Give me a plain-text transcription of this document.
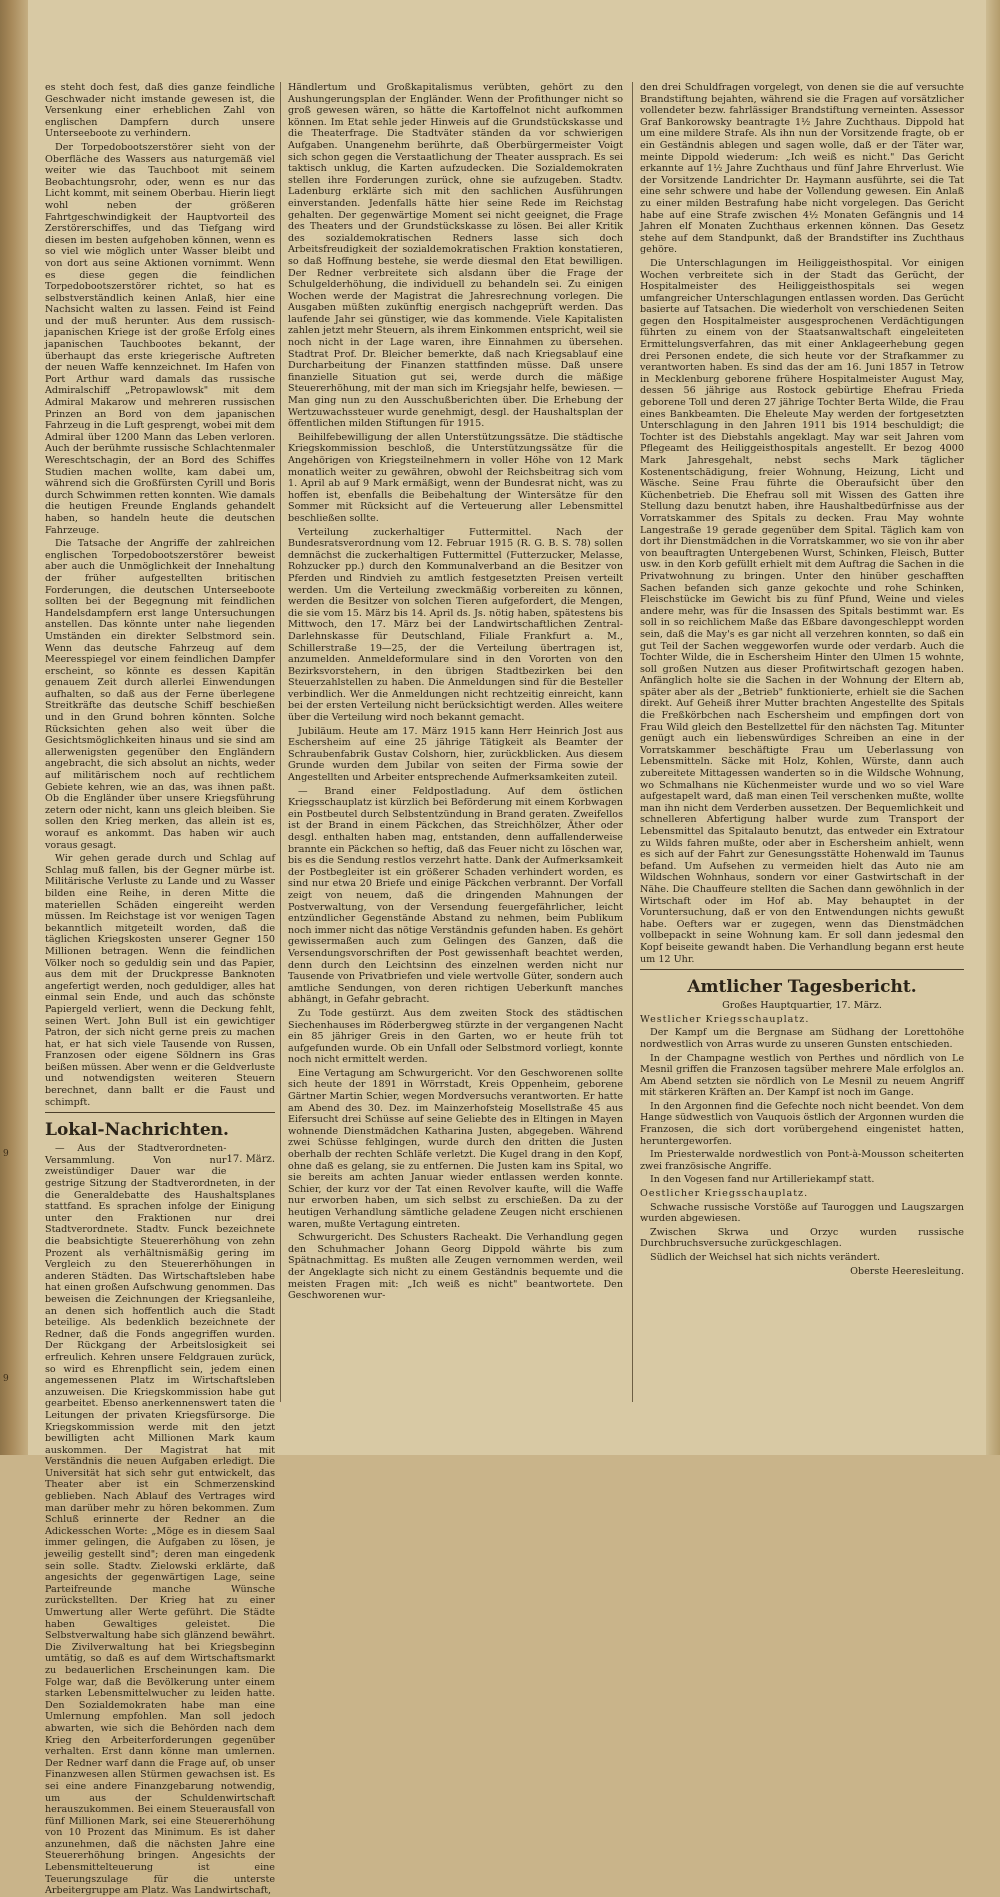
9
9

es steht doch fest, daß dies ganze feindliche Geschwader nicht imstande gewesen ist, die Versenkung einer erheblichen Zahl von englischen Dampfern durch unsere Unterseeboote zu verhindern.

Der Torpedobootszerstörer sieht von der Oberfläche des Wassers aus naturgemäß viel weiter wie das Tauchboot mit seinem Beobachtungsrohr, oder, wenn es nur das Licht kommt, mit seinem Oberbau. Hierin liegt wohl neben der größeren Fahrtgeschwindigkeit der Hauptvorteil des Zerstörerschiffes, und das Tiefgang wird diesen im besten aufgehoben können, wenn es so viel wie möglich unter Wasser bleibt und von dort aus seine Aktionen vornimmt. Wenn es diese gegen die feindlichen Torpedobootszerstörer richtet, so hat es selbstverständlich keinen Anlaß, hier eine Nachsicht walten zu lassen. Feind ist Feind und der muß herunter. Aus dem russisch-japanischen Kriege ist der große Erfolg eines japanischen Tauchbootes bekannt, der überhaupt das erste kriegerische Auftreten der neuen Waffe kennzeichnet. Im Hafen von Port Arthur ward damals das russische Admiralschiff „Petropawlowsk" mit dem Admiral Makarow und mehreren russischen Prinzen an Bord von dem japanischen Fahrzeug in die Luft gesprengt, wobei mit dem Admiral über 1200 Mann das Leben verloren. Auch der berühmte russische Schlachtenmaler Wereschtschagin, der an Bord des Schiffes Studien machen wollte, kam dabei um, während sich die Großfürsten Cyrill und Boris durch Schwimmen retten konnten. Wie damals die heutigen Freunde Englands gehandelt haben, so handeln heute die deutschen Fahrzeuge.

Die Tatsache der Angriffe der zahlreichen englischen Torpedobootszerstörer beweist aber auch die Unmöglichkeit der Innehaltung der früher aufgestellten britischen Forderungen, die deutschen Unterseeboote sollten bei der Begegnung mit feindlichen Handelsdampfern erst lange Untersuchungen anstellen. Das könnte unter nahe liegenden Umständen ein direkter Selbstmord sein. Wenn das deutsche Fahrzeug auf dem Meeresspiegel vor einem feindlichen Dampfer erscheint, so könnte es dessen Kapitän genauem Zeit durch allerlei Einwendungen aufhalten, so daß aus der Ferne überlegene Streitkräfte das deutsche Schiff beschießen und in den Grund bohren könnten. Solche Rücksichten gehen also weit über die Gesichtsmöglichkeiten hinaus und sie sind am allerwenigsten gegenüber den Engländern angebracht, die sich absolut an nichts, weder auf militärischem noch auf rechtlichem Gebiete kehren, wie an das, was ihnen paßt. Ob die Engländer über unsere Kriegsführung zetern oder nicht, kann uns gleich bleiben. Sie sollen den Krieg merken, das allein ist es, worauf es ankommt. Das haben wir auch voraus gesagt.

Wir gehen gerade durch und Schlag auf Schlag muß fallen, bis der Gegner mürbe ist. Militärische Verluste zu Lande und zu Wasser bilden eine Reihe, in deren Mitte die materiellen Schäden eingereiht werden müssen. Im Reichstage ist vor wenigen Tagen bekanntlich mitgeteilt worden, daß die täglichen Kriegskosten unserer Gegner 150 Millionen betragen. Wenn die feindlichen Völker noch so geduldig sein und das Papier, aus dem mit der Druckpresse Banknoten angefertigt werden, noch geduldiger, alles hat einmal sein Ende, und auch das schönste Papiergeld verliert, wenn die Deckung fehlt, seinen Wert. John Bull ist ein gewichtiger Patron, der sich nicht gerne preis zu machen hat, er hat sich viele Tausende von Russen, Franzosen oder eigene Söldnern ins Gras beißen müssen. Aber wenn er die Geldverluste und notwendigsten weiteren Steuern berechnet, dann ballt er die Faust und schimpft.

Lokal-Nachrichten.
17. März.

— Aus der Stadtverordneten-Versammlung. Von nur zweistündiger Dauer war die gestrige Sitzung der Stadtverordneten, in der die Generaldebatte des Haushaltsplanes stattfand. Es sprachen infolge der Einigung unter den Fraktionen nur drei Stadtverordnete. Stadtv. Funck bezeichnete die beabsichtigte Steuererhöhung von zehn Prozent als verhältnismäßig gering im Vergleich zu den Steuererhöhungen in anderen Städten. Das Wirtschaftsleben habe hat einen großen Aufschwung genommen. Das beweisen die Zeichnungen der Kriegsanleihe, an denen sich hoffentlich auch die Stadt beteilige. Als bedenklich bezeichnete der Redner, daß die Fonds angegriffen wurden. Der Rückgang der Arbeitslosigkeit sei erfreulich. Kehren unsere Feldgrauen zurück, so wird es Ehrenpflicht sein, jedem einen angemessenen Platz im Wirtschaftsleben anzuweisen. Die Kriegskommission habe gut gearbeitet. Ebenso anerkennenswert taten die Leitungen der privaten Kriegsfürsorge. Die Kriegskommission werde mit den jetzt bewilligten acht Millionen Mark kaum auskommen. Der Magistrat hat mit Verständnis die neuen Aufgaben erledigt. Die Universität hat sich sehr gut entwickelt, das Theater aber ist ein Schmerzenskind geblieben. Nach Ablauf des Vertrages wird man darüber mehr zu hören bekommen. Zum Schluß erinnerte der Redner an die Adickesschen Worte: „Möge es in diesem Saal immer gelingen, die Aufgaben zu lösen, je jeweilig gestellt sind"; deren man eingedenk sein solle. Stadtv. Zielowski erklärte, daß angesichts der gegenwärtigen Lage, seine Parteifreunde manche Wünsche zurückstellten. Der Krieg hat zu einer Umwertung aller Werte geführt. Die Städte haben Gewaltiges geleistet. Die Selbstverwaltung habe sich glänzend bewährt. Die Zivilverwaltung hat bei Kriegsbeginn umtätig, so daß es auf dem Wirtschaftsmarkt zu bedauerlichen Erscheinungen kam. Die Folge war, daß die Bevölkerung unter einem starken Lebensmittelwucher zu leiden hatte. Den Sozialdemokraten habe man eine Umlernung empfohlen. Man soll jedoch abwarten, wie sich die Behörden nach dem Krieg den Arbeiterforderungen gegenüber verhalten. Erst dann könne man umlernen. Der Redner warf dann die Frage auf, ob unser Finanzwesen allen Stürmen gewachsen ist. Es sei eine andere Finanzgebarung notwendig, um aus der Schuldenwirtschaft herauszukommen. Bei einem Steuerausfall von fünf Millionen Mark, sei eine Steuererhöhung von 10 Prozent das Minimum. Es ist daher anzunehmen, daß die nächsten Jahre eine Steuererhöhung bringen. Angesichts der Lebensmittelteuerung ist eine Teuerungszulage für die unterste Arbeitergruppe am Platz. Was Landwirtschaft,

Händlertum und Großkapitalismus verübten, gehört zu den Aushungerungsplan der Engländer. Wenn der Profithunger nicht so groß gewesen wären, so hätte die Kartoffelnot nicht aufkommen können. Im Etat sehle jeder Hinweis auf die Grundstückskasse und die Theaterfrage. Die Stadtväter ständen da vor schwierigen Aufgaben. Unangenehm berührte, daß Oberbürgermeister Voigt sich schon gegen die Verstaatlichung der Theater aussprach. Es sei taktisch unklug, die Karten aufzudecken. Die Sozialdemokraten stellen ihre Forderungen zurück, ohne sie aufzugeben. Stadtv. Ladenburg erklärte sich mit den sachlichen Ausführungen einverstanden. Jedenfalls hätte hier seine Rede im Reichstag gehalten. Der gegenwärtige Moment sei nicht geeignet, die Frage des Theaters und der Grundstückskasse zu lösen. Bei aller Kritik des sozialdemokratischen Redners lasse sich doch Arbeitsfreudigkeit der sozialdemokratischen Fraktion konstatieren, so daß Hoffnung bestehe, sie werde diesmal den Etat bewilligen. Der Redner verbreitete sich alsdann über die Frage der Schulgelderhöhung, die individuell zu behandeln sei. Zu einigen Wochen werde der Magistrat die Jahresrechnung vorlegen. Die Ausgaben müßten zukünftig energisch nachgeprüft werden. Das laufende Jahr sei günstiger, wie das kommende. Viele Kapitalisten zahlen jetzt mehr Steuern, als ihrem Einkommen entspricht, weil sie noch nicht in der Lage waren, ihre Einnahmen zu übersehen. Stadtrat Prof. Dr. Bleicher bemerkte, daß nach Kriegsablauf eine Durcharbeitung der Finanzen stattfinden müsse. Daß unsere finanzielle Situation gut sei, werde durch die mäßige Steuererhöhung, mit der man sich im Kriegsjahr helfe, bewiesen. — Man ging nun zu den Ausschußberichten über. Die Erhebung der Wertzuwachssteuer wurde genehmigt, desgl. der Haushaltsplan der öffentlichen milden Stiftungen für 1915.

Beihilfebewilligung der allen Unterstützungssätze. Die städtische Kriegskommission beschloß, die Unterstützungssätze für die Angehörigen von Kriegsteilnehmern in voller Höhe von 12 Mark monatlich weiter zu gewähren, obwohl der Reichsbeitrag sich vom 1. April ab auf 9 Mark ermäßigt, wenn der Bundesrat nicht, was zu hoffen ist, ebenfalls die Beibehaltung der Wintersätze für den Sommer mit Rücksicht auf die Verteuerung aller Lebensmittel beschließen sollte.

Verteilung zuckerhaltiger Futtermittel. Nach der Bundesratsverordnung vom 12. Februar 1915 (R. G. B. S. 78) sollen demnächst die zuckerhaltigen Futtermittel (Futterzucker, Melasse, Rohzucker pp.) durch den Kommunalverband an die Besitzer von Pferden und Rindvieh zu amtlich festgesetzten Preisen verteilt werden. Um die Verteilung zweckmäßig vorbereiten zu können, werden die Besitzer von solchen Tieren aufgefordert, die Mengen, die sie vom 15. März bis 14. April ds. Js. nötig haben, spätestens bis Mittwoch, den 17. März bei der Landwirtschaftlichen Zentral-Darlehnskasse für Deutschland, Filiale Frankfurt a. M., Schillerstraße 19—25, der die Verteilung übertragen ist, anzumelden. Anmeldeformulare sind in den Vororten von den Bezirksvorstehern, in den übrigen Stadtbezirken bei den Steuerzahlstellen zu haben. Die Anmeldungen sind für die Besteller verbindlich. Wer die Anmeldungen nicht rechtzeitig einreicht, kann bei der ersten Verteilung nicht berücksichtigt werden. Alles weitere über die Verteilung wird noch bekannt gemacht.

Jubiläum. Heute am 17. März 1915 kann Herr Heinrich Jost aus Eschersheim auf eine 25 jährige Tätigkeit als Beamter der Schraubenfabrik Gustav Colshorn, hier, zurückblicken. Aus diesem Grunde wurden dem Jubilar von seiten der Firma sowie der Angestellten und Arbeiter entsprechende Aufmerksamkeiten zuteil.

— Brand einer Feldpostladung. Auf dem östlichen Kriegsschauplatz ist kürzlich bei Beförderung mit einem Korbwagen ein Postbeutel durch Selbstentzündung in Brand geraten. Zweifellos ist der Brand in einem Päckchen, das Streichhölzer, Äther oder desgl. enthalten haben mag, entstanden, denn auffallenderweise brannte ein Päckchen so heftig, daß das Feuer nicht zu löschen war, bis es die Sendung restlos verzehrt hatte. Dank der Aufmerksamkeit der Postbegleiter ist ein größerer Schaden verhindert worden, es sind nur etwa 20 Briefe und einige Päckchen verbrannt. Der Vorfall zeigt von neuem, daß die dringenden Mahnungen der Postverwaltung, von der Versendung feuergefährlicher, leicht entzündlicher Gegenstände Abstand zu nehmen, beim Publikum noch immer nicht das nötige Verständnis gefunden haben. Es gehört gewissermaßen auch zum Gelingen des Ganzen, daß die Versendungsvorschriften der Post gewissenhaft beachtet werden, denn durch den Leichtsinn des einzelnen werden nicht nur Tausende von Privatbriefen und viele wertvolle Güter, sondern auch amtliche Sendungen, von deren richtigen Ueberkunft manches abhängt, in Gefahr gebracht.

Zu Tode gestürzt. Aus dem zweiten Stock des städtischen Siechenhauses im Röderbergweg stürzte in der vergangenen Nacht ein 85 jähriger Greis in den Garten, wo er heute früh tot aufgefunden wurde. Ob ein Unfall oder Selbstmord vorliegt, konnte noch nicht ermittelt werden.

Eine Vertagung am Schwurgericht. Vor den Geschworenen sollte sich heute der 1891 in Wörrstadt, Kreis Oppenheim, geborene Gärtner Martin Schier, wegen Mordversuchs verantworten. Er hatte am Abend des 30. Dez. im Mainzerhofsteig Mosellstraße 45 aus Eifersucht drei Schüsse auf seine Geliebte des in Eltingen in Mayen wohnende Dienstmädchen Katharina Justen, abgegeben. Während zwei Schüsse fehlgingen, wurde durch den dritten die Justen oberhalb der rechten Schläfe verletzt. Die Kugel drang in den Kopf, ohne daß es gelang, sie zu entfernen. Die Justen kam ins Spital, wo sie bereits am achten Januar wieder entlassen werden konnte. Schier, der kurz vor der Tat einen Revolver kaufte, will die Waffe nur erworben haben, um sich selbst zu erschießen. Da zu der heutigen Verhandlung sämtliche geladene Zeugen nicht erschienen waren, mußte Vertagung eintreten.

Schwurgericht. Des Schusters Racheakt. Die Verhandlung gegen den Schuhmacher Johann Georg Dippold währte bis zum Spätnachmittag. Es mußten alle Zeugen vernommen werden, weil der Angeklagte sich nicht zu einem Geständnis bequemte und die meisten Fragen mit: „Ich weiß es nicht" beantwortete. Den Geschworenen wur-

den drei Schuldfragen vorgelegt, von denen sie die auf versuchte Brandstiftung bejahten, während sie die Fragen auf vorsätzlicher vollendeter bezw. fahrlässiger Brandstiftung verneinten. Assessor Graf Bankorowsky beantragte 1½ Jahre Zuchthaus. Dippold hat um eine mildere Strafe. Als ihn nun der Vorsitzende fragte, ob er ein Geständnis ablegen und sagen wolle, daß er der Täter war, meinte Dippold wiederum: „Ich weiß es nicht." Das Gericht erkannte auf 1½ Jahre Zuchthaus und fünf Jahre Ehrverlust. Wie der Vorsitzende Landrichter Dr. Haymann ausführte, sei die Tat eine sehr schwere und habe der Vollendung gewesen. Ein Anlaß zu einer milden Bestrafung habe nicht vorgelegen. Das Gericht habe auf eine Strafe zwischen 4½ Monaten Gefängnis und 14 Jahren elf Monaten Zuchthaus erkennen können. Das Gesetz stehe auf dem Standpunkt, daß der Brandstifter ins Zuchthaus gehöre.

Die Unterschlagungen im Heiliggeisthospital. Vor einigen Wochen verbreitete sich in der Stadt das Gerücht, der Hospitalmeister des Heiliggeisthospitals sei wegen umfangreicher Unterschlagungen entlassen worden. Das Gerücht basierte auf Tatsachen. Die wiederholt von verschiedenen Seiten gegen den Hospitalmeister ausgesprochenen Verdächtigungen führten zu einem von der Staatsanwaltschaft eingeleiteten Ermittelungsverfahren, das mit einer Anklageerhebung gegen drei Personen endete, die sich heute vor der Strafkammer zu verantworten haben. Es sind das der am 16. Juni 1857 in Tetrow in Mecklenburg geborene frühere Hospitalmeister August May, dessen 56 jährige aus Rostock gebürtige Ehefrau Frieda geborene Toll und deren 27 jährige Tochter Berta Wilde, die Frau eines Bankbeamten. Die Eheleute May werden der fortgesetzten Unterschlagung in den Jahren 1911 bis 1914 beschuldigt; die Tochter ist des Diebstahls angeklagt. May war seit Jahren vom Pflegeamt des Heiliggeisthospitals angestellt. Er bezog 4000 Mark Jahresgehalt, nebst sechs Mark täglicher Kostenentschädigung, freier Wohnung, Heizung, Licht und Wäsche. Seine Frau führte die Oberaufsicht über den Küchenbetrieb. Die Ehefrau soll mit Wissen des Gatten ihre Stellung dazu benutzt haben, ihre Haushaltbedürfnisse aus der Vorratskammer des Spitals zu decken. Frau May wohnte Langestraße 19 gerade gegenüber dem Spital. Täglich kam von dort ihr Dienstmädchen in die Vorratskammer, wo sie von ihr aber von beauftragten Untergebenen Wurst, Schinken, Fleisch, Butter usw. in den Korb gefüllt erhielt mit dem Auftrag die Sachen in die Privatwohnung zu bringen. Unter den hinüber geschafften Sachen befanden sich ganze gekochte und rohe Schinken, Fleischstücke im Gewicht bis zu fünf Pfund, Weine und vieles andere mehr, was für die Insassen des Spitals bestimmt war. Es soll in so reichlichem Maße das Eßbare davongeschleppt worden sein, daß die May's es gar nicht all verzehren konnten, so daß ein gut Teil der Sachen weggeworfen wurde oder verdarb. Auch die Tochter Wilde, die in Eschersheim Hinter den Ulmen 15 wohnte, soll großen Nutzen aus dieser Profitwirtschaft gezogen haben. Anfänglich holte sie die Sachen in der Wohnung der Eltern ab, später aber als der „Betrieb" funktionierte, erhielt sie die Sachen direkt. Auf Geheiß ihrer Mutter brachten Angestellte des Spitals die Freßkörbchen nach Eschersheim und empfingen dort von Frau Wild gleich den Bestellzettel für den nächsten Tag. Mitunter genügt auch ein liebenswürdiges Schreiben an eine in der Vorratskammer beschäftigte Frau um Ueberlassung von Lebensmitteln. Säcke mit Holz, Kohlen, Würste, dann auch zubereitete Mittagessen wanderten so in die Wildsche Wohnung, wo Schmalhans nie Küchenmeister wurde und wo so viel Ware aufgestapelt ward, daß man einen Teil verschenken mußte, wollte man ihn nicht dem Verderben aussetzen. Der Bequemlichkeit und schnelleren Abfertigung halber wurde zum Transport der Lebensmittel das Spitalauto benutzt, das entweder ein Extratour zu Wilds fahren mußte, oder aber in Eschersheim anhielt, wenn es sich auf der Fahrt zur Genesungsstätte Hohenwald im Taunus befand. Um Aufsehen zu vermeiden hielt das Auto nie am Wildschen Wohnhaus, sondern vor einer Gastwirtschaft in der Nähe. Die Chauffeure stellten die Sachen dann gewöhnlich in der Wirtschaft oder im Hof ab. May behauptet in der Voruntersuchung, daß er von den Entwendungen nichts gewußt habe. Oefters war er zugegen, wenn das Dienstmädchen vollbepackt in seine Wohnung kam. Er soll dann jedesmal den Kopf beiseite gewandt haben. Die Verhandlung begann erst heute um 12 Uhr.

Amtlicher Tagesbericht.

Großes Hauptquartier, 17. März.

Westlicher Kriegsschauplatz.

Der Kampf um die Bergnase am Südhang der Lorettohöhe nordwestlich von Arras wurde zu unseren Gunsten entschieden.

In der Champagne westlich von Perthes und nördlich von Le Mesnil griffen die Franzosen tagsüber mehrere Male erfolglos an. Am Abend setzten sie nördlich von Le Mesnil zu neuem Angriff mit stärkeren Kräften an. Der Kampf ist noch im Gange.

In den Argonnen find die Gefechte noch nicht beendet. Von dem Hange südwestlich von Vauquois östlich der Argonnen wurden die Franzosen, die sich dort vorübergehend eingenistet hatten, heruntergeworfen.

Im Priesterwalde nordwestlich von Pont-à-Mousson scheiterten zwei französische Angriffe.

In den Vogesen fand nur Artilleriekampf statt.

Oestlicher Kriegsschauplatz.

Schwache russische Vorstöße auf Tauroggen und Laugszargen wurden abgewiesen.

Zwischen Skrwa und Orzyc wurden russische Durchbruchsversuche zurückgeschlagen.

Südlich der Weichsel hat sich nichts verändert.

Oberste Heeresleitung.
